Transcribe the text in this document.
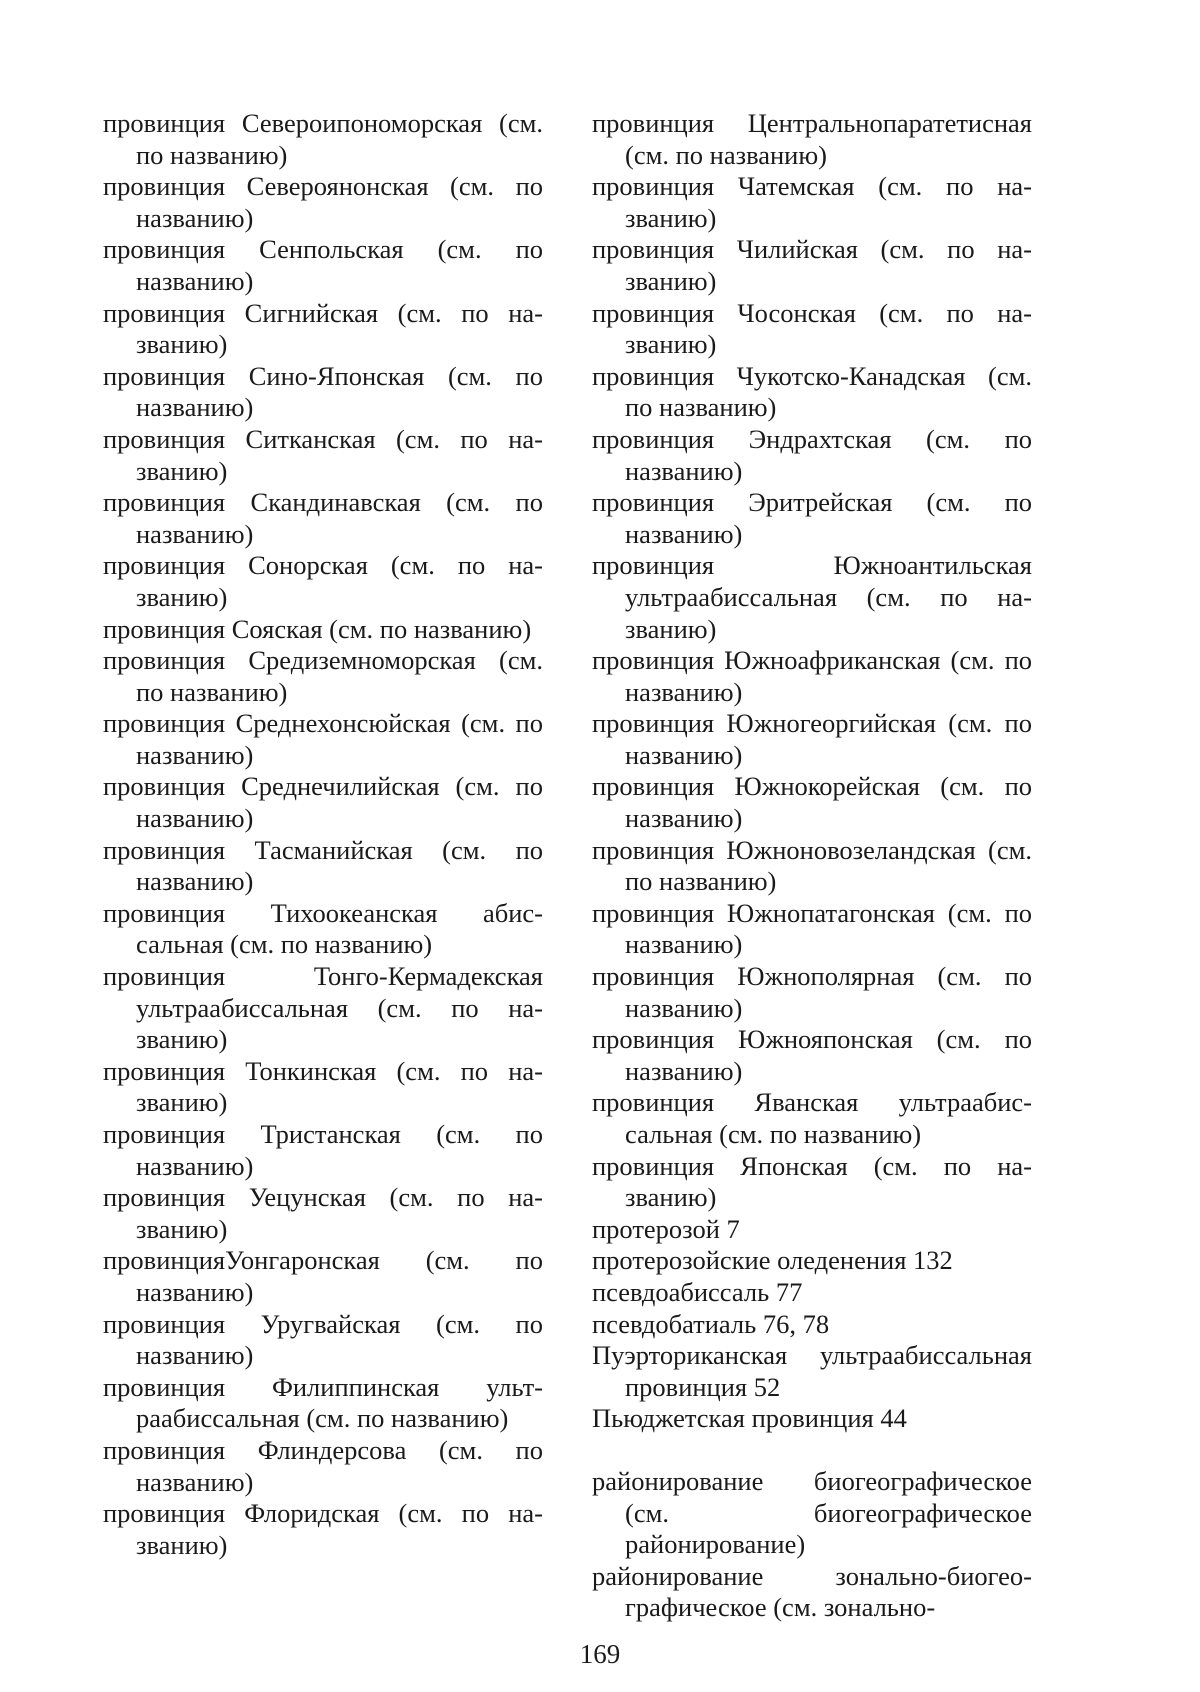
провинция Североипономорская (см. по названию)

провинция Североянонская (см. по названию)

провинция Сенпольская (см. по названию)

провинция Сигнийская (см. по названию)

провинция Сино-Японская (см. по названию)

провинция Ситканская (см. по названию)

провинция Скандинавская (см. по названию)

провинция Сонорская (см. по названию)

провинция Сояская (см. по названию)

провинция Средиземноморская (см. по названию)

провинция Среднехонсюйская (см. по названию)

провинция Среднечилийская (см. по названию)

провинция Тасманийская (см. по названию)

провинция Тихоокеанская абиссальная (см. по названию)

провинция Тонго-Кермадекская ультраабиссальная (см. по названию)

провинция Тонкинская (см. по названию)

провинция Тристанская (см. по названию)

провинция Уецунская (см. по названию)

провинцияУонгаронская (см. по названию)

провинция Уругвайская (см. по названию)

провинция Филиппинская ультраабиссальная (см. по названию)

провинция Флиндерсова (см. по названию)

провинция Флоридская (см. по названию)

провинция Центральнопаратетисная (см. по названию)

провинция Чатемская (см. по названию)

провинция Чилийская (см. по названию)

провинция Чосонская (см. по названию)

провинция Чукотско-Канадская (см. по названию)

провинция Эндрахтская (см. по названию)

провинция Эритрейская (см. по названию)

провинция Южноантильская ультраабиссальная (см. по названию)

провинция Южноафриканская (см. по названию)

провинция Южногеоргийская (см. по названию)

провинция Южнокорейская (см. по названию)

провинция Южноновозеландская (см. по названию)

провинция Южнопатагонская (см. по названию)

провинция Южнополярная (см. по названию)

провинция Южнояпонская (см. по названию)

провинция Яванская ультраабиссальная (см. по названию)

провинция Японская (см. по названию)

протерозой 7

протерозойские оледенения 132

псевдоабиссаль 77

псевдобатиаль 76, 78

Пуэрториканская ультраабиссальная провинция 52

Пьюджетская провинция 44

районирование биогеографическое (см. биогеографическое районирование)

районирование зонально-биогеографическое (см. зонально-

169
